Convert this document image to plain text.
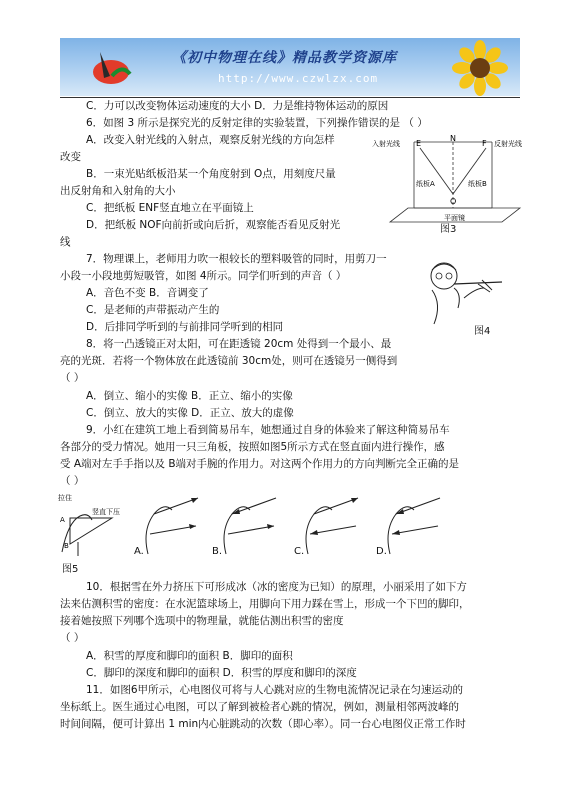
《初中物理在线》精品教学资源库
http://www.czwlzx.com
C．力可以改变物体运动速度的大小 D．力是维持物体运动的原因
6．如图 3 所示是探究光的反射定律的实验装置，下列操作错误的是 （ ）
A．改变入射光线的入射点，观察反射光线的方向怎样
改变
B．一束光贴纸板沿某一个角度射到 O点，用刻度尺量
出反射角和入射角的大小
C．把纸板 ENF竖直地立在平面镜上
D．把纸板 NOF向前折或向后折，观察能否看见反射光
线
7．物理课上，老师用力吹一根较长的塑料吸管的同时，用剪刀一
小段一小段地剪短吸管，如图 4所示。同学们听到的声音（ ）
A．音色不变 B．音调变了
C．是老师的声带振动产生的
D．后排同学听到的与前排同学听到的相同
8．将一凸透镜正对太阳，可在距透镜 20cm 处得到一个最小、最
亮的光斑．若将一个物体放在此透镜前 30cm处，则可在透镜另一侧得到
（ ）
A．倒立、缩小的实像 B．正立、缩小的实像
C．倒立、放大的实像 D．正立、放大的虚像
9．小红在建筑工地上看到简易吊车，她想通过自身的体验来了解这种简易吊车
各部分的受力情况。她用一只三角板，按照如图5所示方式在竖直面内进行操作，感
受 A端对左手手指以及 B端对手腕的作用力。对这两个作用力的方向判断完全正确的是
（ ）
入射光线 E
N
F 反射光线
纸板A
O
纸板B
平面镜
图3
图4
拉住
竖直下压
A
B
图5
A.	B.	C.	D.
10．根据雪在外力挤压下可形成冰（冰的密度为已知）的原理，小丽采用了如下方
法来估测积雪的密度：在水泥篮球场上，用脚向下用力踩在雪上，形成一个下凹的脚印，
接着她按照下列哪个选项中的物理量，就能估测出积雪的密度
（ ）
A．积雪的厚度和脚印的面积 B．脚印的面积
C．脚印的深度和脚印的面积 D．积雪的厚度和脚印的深度
11．如图6甲所示，心电图仪可将与人心跳对应的生物电流情况记录在匀速运动的
坐标纸上。医生通过心电图，可以了解到被检者心跳的情况，例如，测量相邻两波峰的
时间间隔，便可计算出 1 min内心脏跳动的次数（即心率）。同一台心电图仪正常工作时
